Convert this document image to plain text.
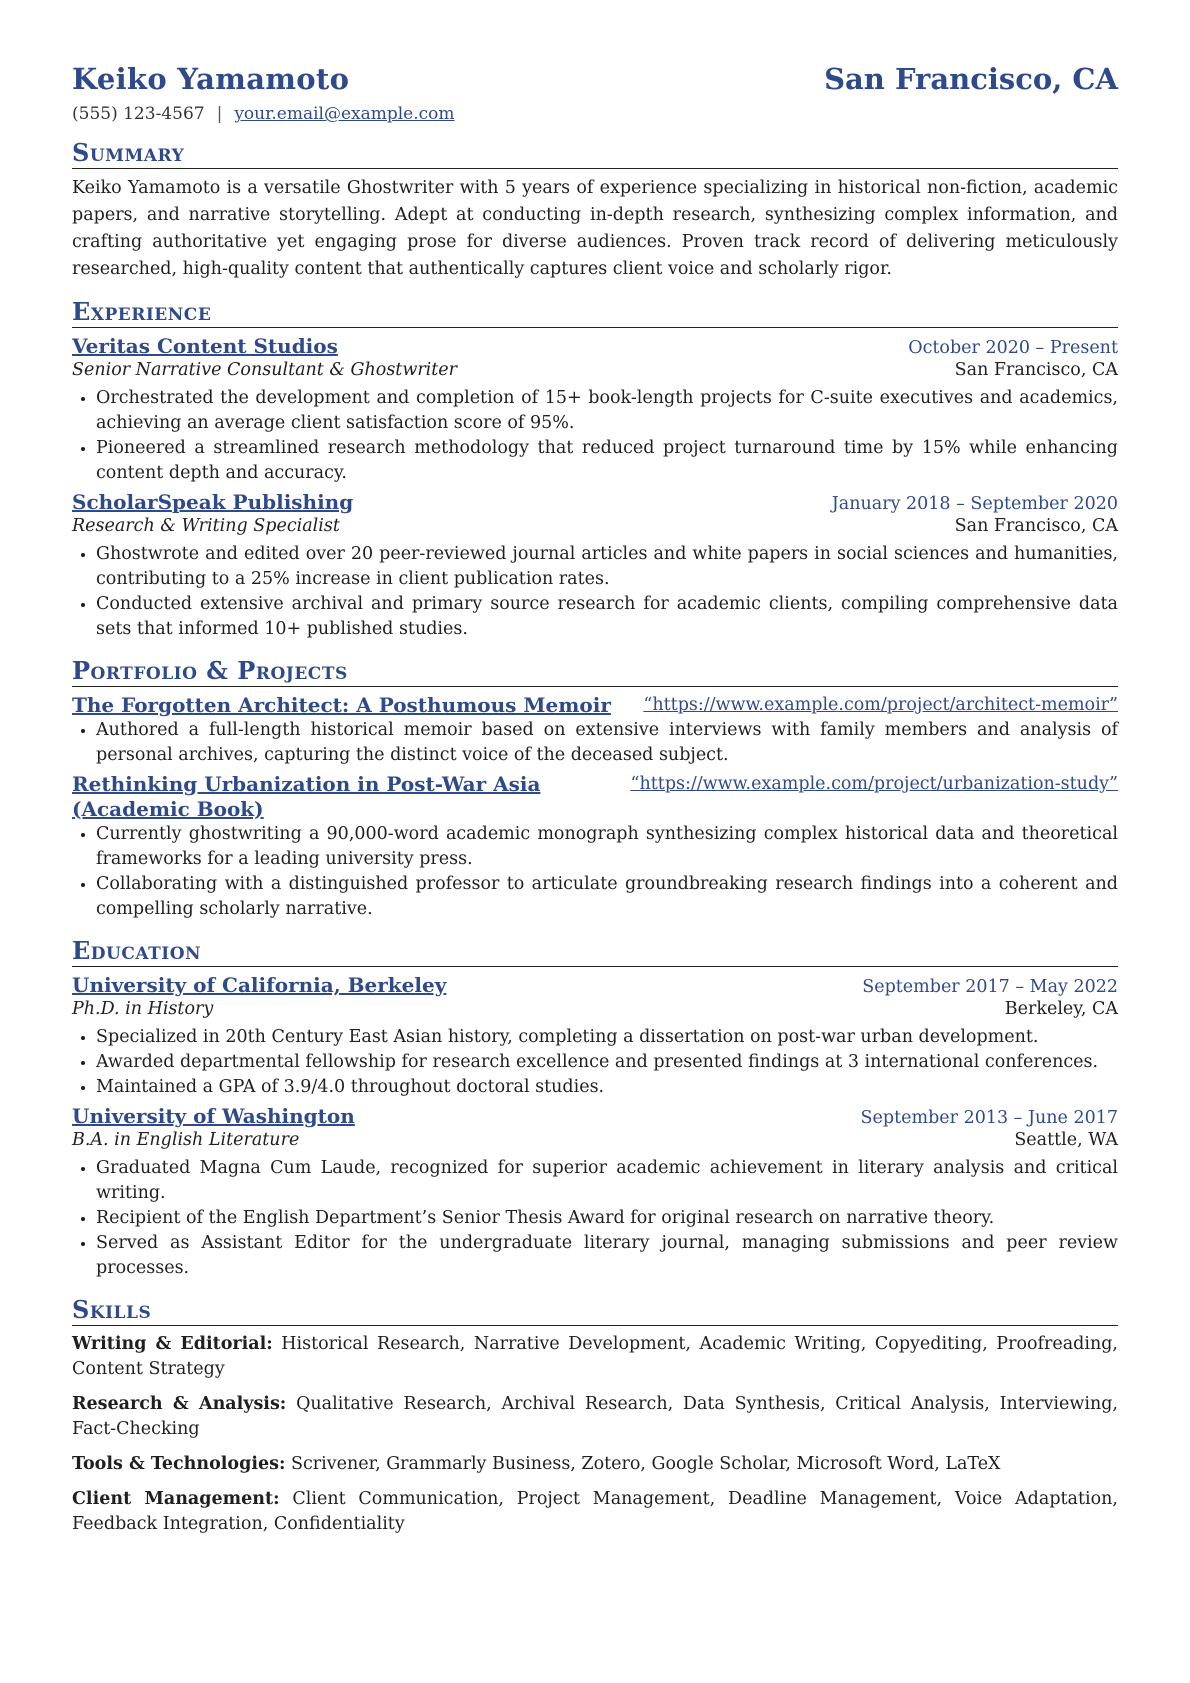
Keiko Yamamoto	San Francisco, CA
(555) 123-4567 | your.email@example.com
Summary

Keiko Yamamoto is a versatile Ghostwriter with 5 years of experience specializing in historical non-fiction, academic papers, and narrative storytelling. Adept at conducting in-depth research, synthesizing complex information, and crafting authoritative yet engaging prose for diverse audiences. Proven track record of delivering meticulously researched, high-quality content that authentically captures client voice and scholarly rigor.

Experience
Veritas Content Studios	October 2020 – Present
Senior Narrative Consultant & Ghostwriter	San Francisco, CA
• Orchestrated the development and completion of 15+ book-length projects for C-suite executives and academics, achieving an average client satisfaction score of 95%.
• Pioneered a streamlined research methodology that reduced project turnaround time by 15% while enhancing content depth and accuracy.
ScholarSpeak Publishing	January 2018 – September 2020
Research & Writing Specialist	San Francisco, CA
• Ghostwrote and edited over 20 peer-reviewed journal articles and white papers in social sciences and humanities, contributing to a 25% increase in client publication rates.
• Conducted extensive archival and primary source research for academic clients, compiling comprehensive data sets that informed 10+ published studies.
Portfolio & Projects
The Forgotten Architect: A Posthumous Memoir “https://www.example.com/project/architect-memoir”
• Authored a full-length historical memoir based on extensive interviews with family members and analysis of personal archives, capturing the distinct voice of the deceased subject.
Rethinking Urbanization in Post-War Asia (Academic Book)
“https://www.example.com/project/urbanization-study”
• Currently ghostwriting a 90,000-word academic monograph synthesizing complex historical data and theoretical frameworks for a leading university press.
• Collaborating with a distinguished professor to articulate groundbreaking research findings into a coherent and compelling scholarly narrative.
Education
University of California, Berkeley	September 2017 – May 2022
Ph.D. in History	Berkeley, CA
• Specialized in 20th Century East Asian history, completing a dissertation on post-war urban development.
• Awarded departmental fellowship for research excellence and presented findings at 3 international conferences.
• Maintained a GPA of 3.9/4.0 throughout doctoral studies.
University of Washington	September 2013 – June 2017
B.A. in English Literature	Seattle, WA
• Graduated Magna Cum Laude, recognized for superior academic achievement in literary analysis and critical writing.
• Recipient of the English Department’s Senior Thesis Award for original research on narrative theory.
• Served as Assistant Editor for the undergraduate literary journal, managing submissions and peer review processes.
Skills

Writing & Editorial: Historical Research, Narrative Development, Academic Writing, Copyediting, Proofreading, Content Strategy

Research & Analysis: Qualitative Research, Archival Research, Data Synthesis, Critical Analysis, Interviewing, Fact-Checking

Tools & Technologies: Scrivener, Grammarly Business, Zotero, Google Scholar, Microsoft Word, LaTeX

Client Management: Client Communication, Project Management, Deadline Management, Voice Adaptation, Feedback Integration, Confidentiality
